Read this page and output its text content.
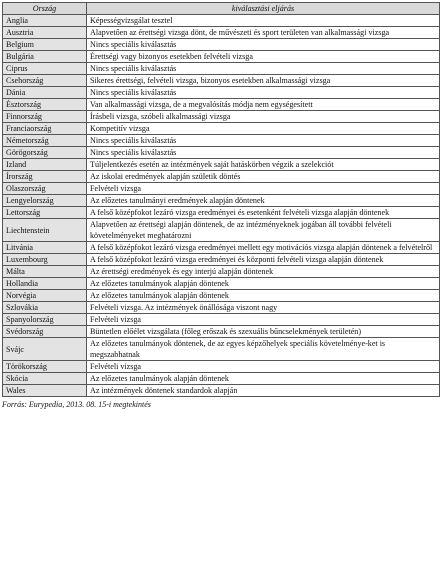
Ország	kiválasztási eljárás
Anglia	Képességvizsgálat tesztel
Ausztria	Alapvetően az érettségi vizsga dönt, de művészeti és sport területen van alkalmassági vizsga
Belgium	Nincs speciális kiválasztás
Bulgária	Érettségi vagy bizonyos esetekben felvételi vizsga
Ciprus	Nincs speciális kiválasztás
Csehország	Sikeres érettségi, felvételi vizsga, bizonyos esetekben alkalmassági vizsga
Dánia	Nincs speciális kiválasztás
Észtország	Van alkalmassági vizsga, de a megvalósítás módja nem egységesített
Finnország	Írásbeli vizsga, szóbeli alkalmassági vizsga
Franciaország	Kompetitív vizsga
Németország	Nincs speciális kiválasztás
Görögország	Nincs speciális kiválasztás
Izland	Túljelentkezés esetén az intézmények saját hatáskörben végzik a szelekciót
Írország	Az iskolai eredmények alapján születik döntés
Olaszország	Felvételi vizsga
Lengyelország	Az előzetes tanulmányi eredmények alapján döntenek
Lettország	A felső középfokot lezáró vizsga eredményei és esetenként felvételi vizsga alapján döntenek
Liechtenstein	Alapvetően az érettségi alapján döntenek, de az intézményeknek jogában áll további felvételi követelményeket meghatározni
Litvánia	A felső középfokot lezáró vizsga eredményei mellett egy motivációs vizsga alapján döntenek a felvételről
Luxembourg	A felső középfokot lezáró vizsga eredményei és központi felvételi vizsga alapján döntenek
Málta	Az érettségi eredmények és egy interjú alapján döntenek
Hollandia	Az előzetes tanulmányok alapján döntenek
Norvégia	Az előzetes tanulmányok alapján döntenek
Szlovákia	Felvételi vizsga. Az intézmények önállósága viszont nagy
Spanyolország	Felvételi vizsga
Svédország	Büntetlen előélet vizsgálata (főleg erőszak és szexuális bűncselekmények területén)
Svájc	Az előzetes tanulmányok döntenek, de az egyes képzőhelyek speciális követelménye-ket is megszabhatnak
Törökország	Felvételi vizsga
Skócia	Az előzetes tanulmányok alapján döntenek
Wales	Az intézmények döntenek standardok alapján
Forrás: Eurypedia, 2013. 08. 15-i megtekintés
